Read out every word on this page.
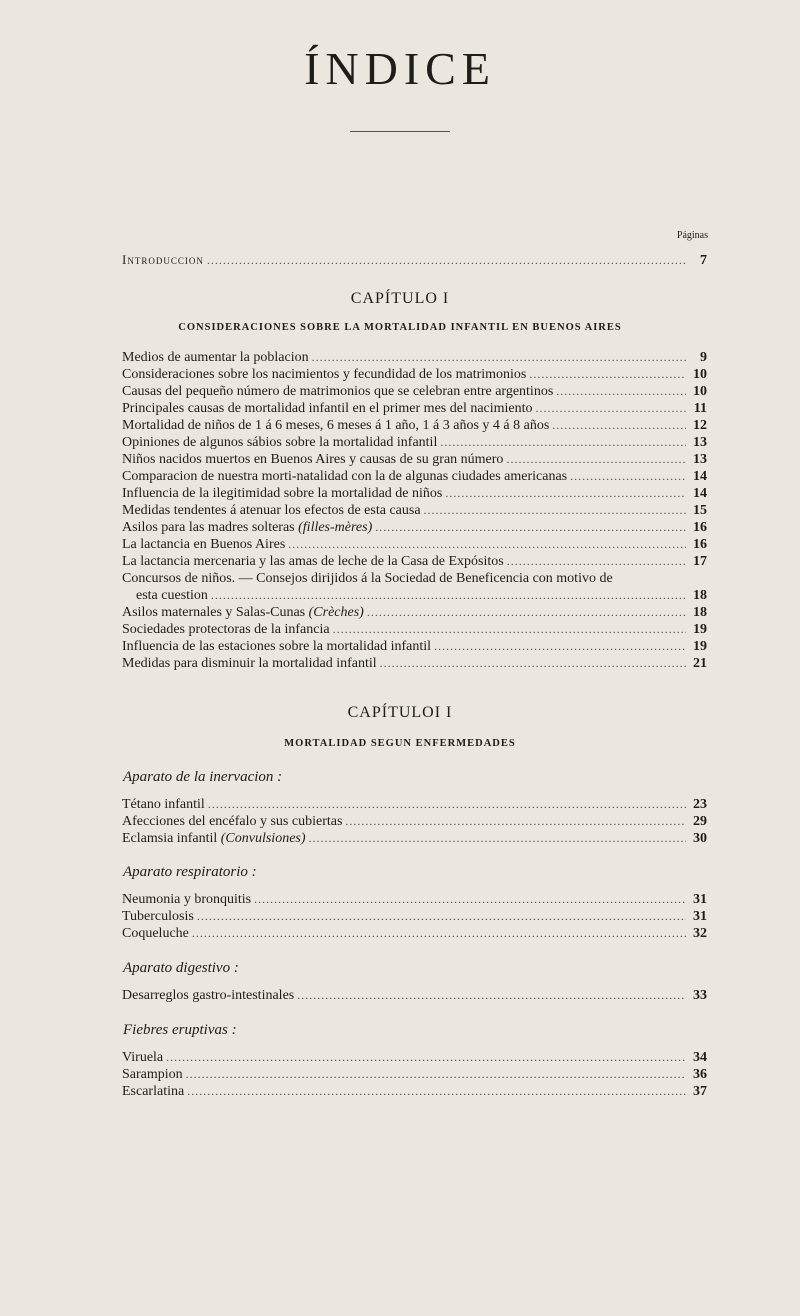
ÍNDICE
Páginas
Introduccion .....	7
CAPÍTULO I
CONSIDERACIONES SOBRE LA MORTALIDAD INFANTIL EN BUENOS AIRES
Medios de aumentar la poblacion .....	9
Consideraciones sobre los nacimientos y fecundidad de los matrimonios .....	10
Causas del pequeño número de matrimonios que se celebran entre argentinos .....	10
Principales causas de mortalidad infantil en el primer mes del nacimiento .....	11
Mortalidad de niños de 1 á 6 meses, 6 meses á 1 año, 1 á 3 años y 4 á 8 años .....	12
Opiniones de algunos sábios sobre la mortalidad infantil .....	13
Niños nacidos muertos en Buenos Aires y causas de su gran número .....	13
Comparacion de nuestra morti-natalidad con la de algunas ciudades americanas .....	14
Influencia de la ilegitimidad sobre la mortalidad de niños .....	14
Medidas tendentes á atenuar los efectos de esta causa .....	15
Asilos para las madres solteras (filles-mères) .....	16
La lactancia en Buenos Aires .....	16
La lactancia mercenaria y las amas de leche de la Casa de Expósitos .....	17
Concursos de niños. — Consejos dirijidos á la Sociedad de Beneficencia con motivo de
esta cuestion .....	18
Asilos maternales y Salas-Cunas (Crèches) .....	18
Sociedades protectoras de la infancia .....	19
Influencia de las estaciones sobre la mortalidad infantil .....	19
Medidas para disminuir la mortalidad infantil .....	21
CAPÍTULOI I
MORTALIDAD SEGUN ENFERMEDADES
Aparato de la inervacion :
Tétano infantil .....	23
Afecciones del encéfalo y sus cubiertas .....	29
Eclamsia infantil (Convulsiones) .....	30
Aparato respiratorio :
Neumonia y bronquitis .....	31
Tuberculosis .....	31
Coqueluche .....	32
Aparato digestivo :
Desarreglos gastro-intestinales .....	33
Fiebres eruptivas :
Viruela .....	34
Sarampion .....	36
Escarlatina .....	37
